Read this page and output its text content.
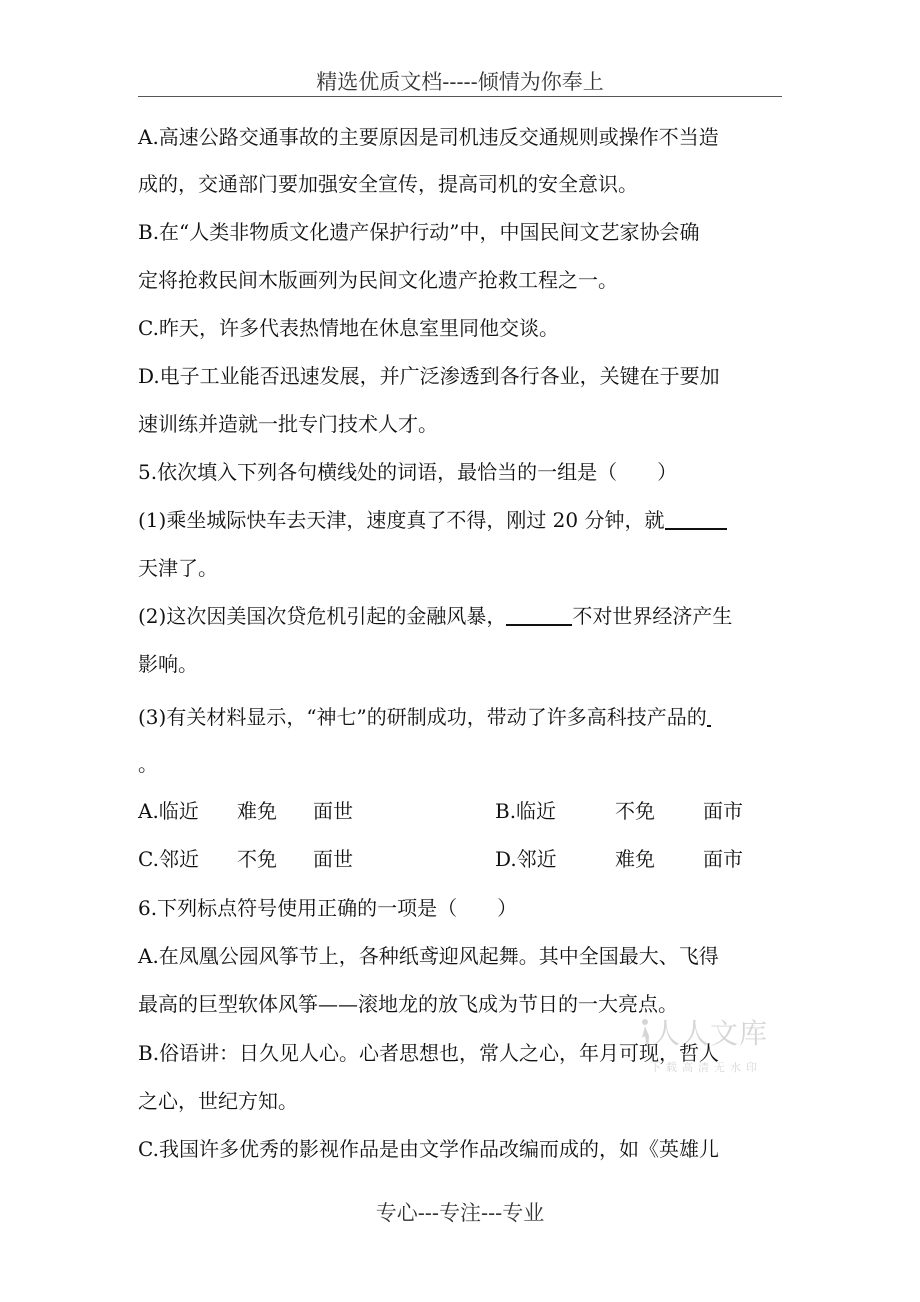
精选优质文档-----倾情为你奉上
A.高速公路交通事故的主要原因是司机违反交通规则或操作不当造
成的，交通部门要加强安全宣传，提高司机的安全意识。
B.在“人类非物质文化遗产保护行动”中，中国民间文艺家协会确
定将抢救民间木版画列为民间文化遗产抢救工程之一。
C.昨天，许多代表热情地在休息室里同他交谈。
D.电子工业能否迅速发展，并广泛渗透到各行各业，关键在于要加
速训练并造就一批专门技术人才。
5.依次填入下列各句横线处的词语，最恰当的一组是（　　）
(1)乘坐城际快车去天津，速度真了不得，刚过 20 分钟，就
天津了。
(2)这次因美国次贷危机引起的金融风暴，	不对世界经济产生
影响。
(3)有关材料显示，“神七”的研制成功，带动了许多高科技产品的
。
A.临近 难免 面世	B.临近	不免 面市
C.邻近 不免 面世	D.邻近	难免 面市
6.下列标点符号使用正确的一项是（　　）
A.在凤凰公园风筝节上，各种纸鸢迎风起舞。其中全国最大、飞得
最高的巨型软体风筝——滚地龙的放飞成为节日的一大亮点。
B.俗语讲：日久见人心。心者思想也，常人之心，年月可现，哲人
之心，世纪方知。
C.我国许多优秀的影视作品是由文学作品改编而成的，如《英雄儿
人人文库
下载高清无水印
专心---专注---专业
